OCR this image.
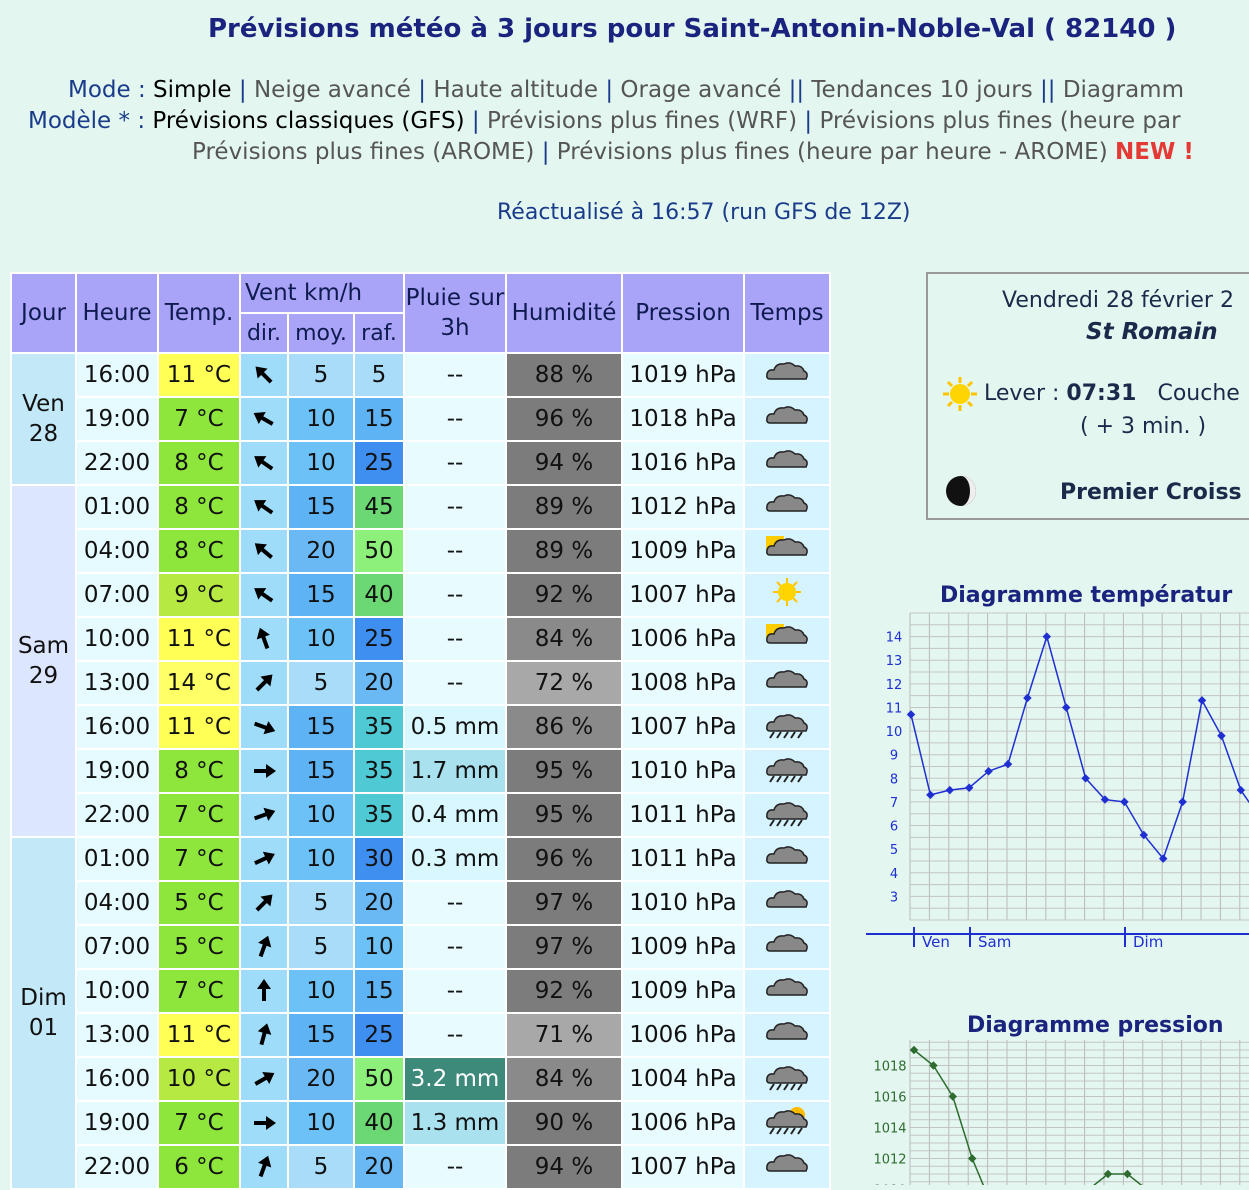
Prévisions météo à 3 jours pour Saint-Antonin-Noble-Val ( 82140 )
Mode : Simple | Neige avancé | Haute altitude | Orage avancé || Tendances 10 jours || Diagramm
Modèle * : Prévisions classiques (GFS) | Prévisions plus fines (WRF) | Prévisions plus fines (heure par
Prévisions plus fines (AROME) | Prévisions plus fines (heure par heure - AROME) NEW !
Réactualisé à 16:57 (run GFS de 12Z)
Jour	Heure	Temp.	Vent km/h			Pluie sur 3h	Humidité	Pression	Temps
			dir.	moy.	raf.				
Ven
28	16:00	11 °C		5	5	--	88 %	1019 hPa	
	19:00	7 °C		10	15	--	96 %	1018 hPa	
	22:00	8 °C		10	25	--	94 %	1016 hPa	
Sam
29	01:00	8 °C		15	45	--	89 %	1012 hPa	
	04:00	8 °C		20	50	--	89 %	1009 hPa	
	07:00	9 °C		15	40	--	92 %	1007 hPa	
	10:00	11 °C		10	25	--	84 %	1006 hPa	
	13:00	14 °C		5	20	--	72 %	1008 hPa	
	16:00	11 °C		15	35	0.5 mm	86 %	1007 hPa	
	19:00	8 °C		15	35	1.7 mm	95 %	1010 hPa	
	22:00	7 °C		10	35	0.4 mm	95 %	1011 hPa	
Dim
01	01:00	7 °C		10	30	0.3 mm	96 %	1011 hPa	
	04:00	5 °C		5	20	--	97 %	1010 hPa	
	07:00	5 °C		5	10	--	97 %	1009 hPa	
	10:00	7 °C		10	15	--	92 %	1009 hPa	
	13:00	11 °C		15	25	--	71 %	1006 hPa	
	16:00	10 °C		20	50	3.2 mm	84 %	1004 hPa	
	19:00	7 °C		10	40	1.3 mm	90 %	1006 hPa	
	22:00	6 °C		5	20	--	94 %	1007 hPa	
Vendredi 28 février 2
St Romain
Lever : 07:31 Couche
( + 3 min. )
Premier Croiss
Diagramme températur
3
4
5
6
7
8
9
10
11
12
13
14
Ven Sam	Dim
Diagramme pression
1012
1014
1016
1018
